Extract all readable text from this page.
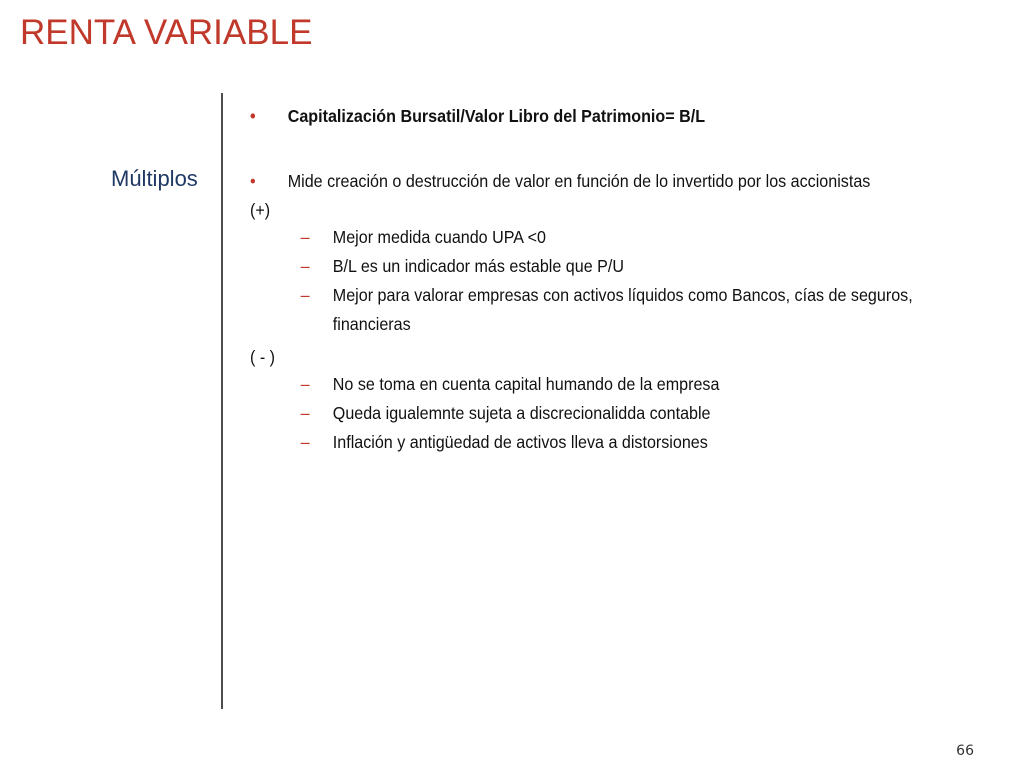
RENTA VARIABLE
Múltiplos
• Capitalización Bursatil/Valor Libro del Patrimonio= B/L
• Mide creación o destrucción de valor en función de lo invertido por los accionistas
(+)
– Mejor medida cuando UPA <0
– B/L es un indicador más estable que P/U
– Mejor para valorar empresas con activos líquidos como Bancos, cías de seguros, financieras
( - )
– No se toma en cuenta capital humando de la empresa
– Queda igualemnte sujeta a discrecionalidda contable
– Inflación y antigüedad de activos lleva a distorsiones
66
